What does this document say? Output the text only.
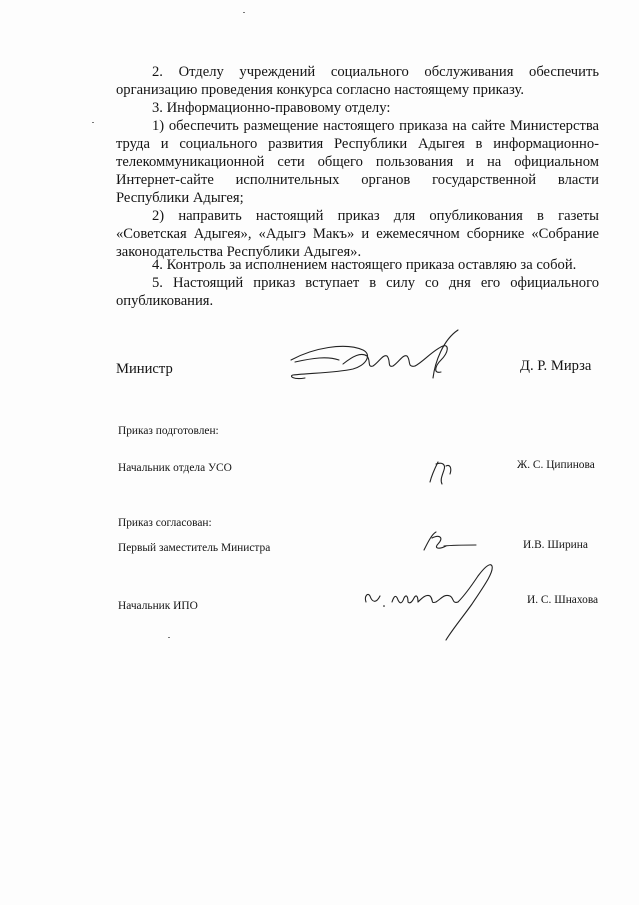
2. Отделу учреждений социального обслуживания обеспечить организацию проведения конкурса согласно настоящему приказу.
3. Информационно-правовому отделу:
1) обеспечить размещение настоящего приказа на сайте Министерства труда и социального развития Республики Адыгея в информационно-телекоммуникационной сети общего пользования и на официальном Интернет-сайте исполнительных органов государственной власти Республики Адыгея;
2) направить настоящий приказ для опубликования в газеты «Советская Адыгея», «Адыгэ Макъ» и ежемесячном сборнике «Собрание законодательства Республики Адыгея».
4. Контроль за исполнением настоящего приказа оставляю за собой.
5. Настоящий приказ вступает в силу со дня его официального опубликования.
Министр	Д. Р. Мирза
Приказ подготовлен:
Начальник отдела УСО	Ж. С. Ципинова
Приказ согласован:
Первый заместитель Министра	И.В. Ширина
Начальник ИПО	И. С. Шнахова
